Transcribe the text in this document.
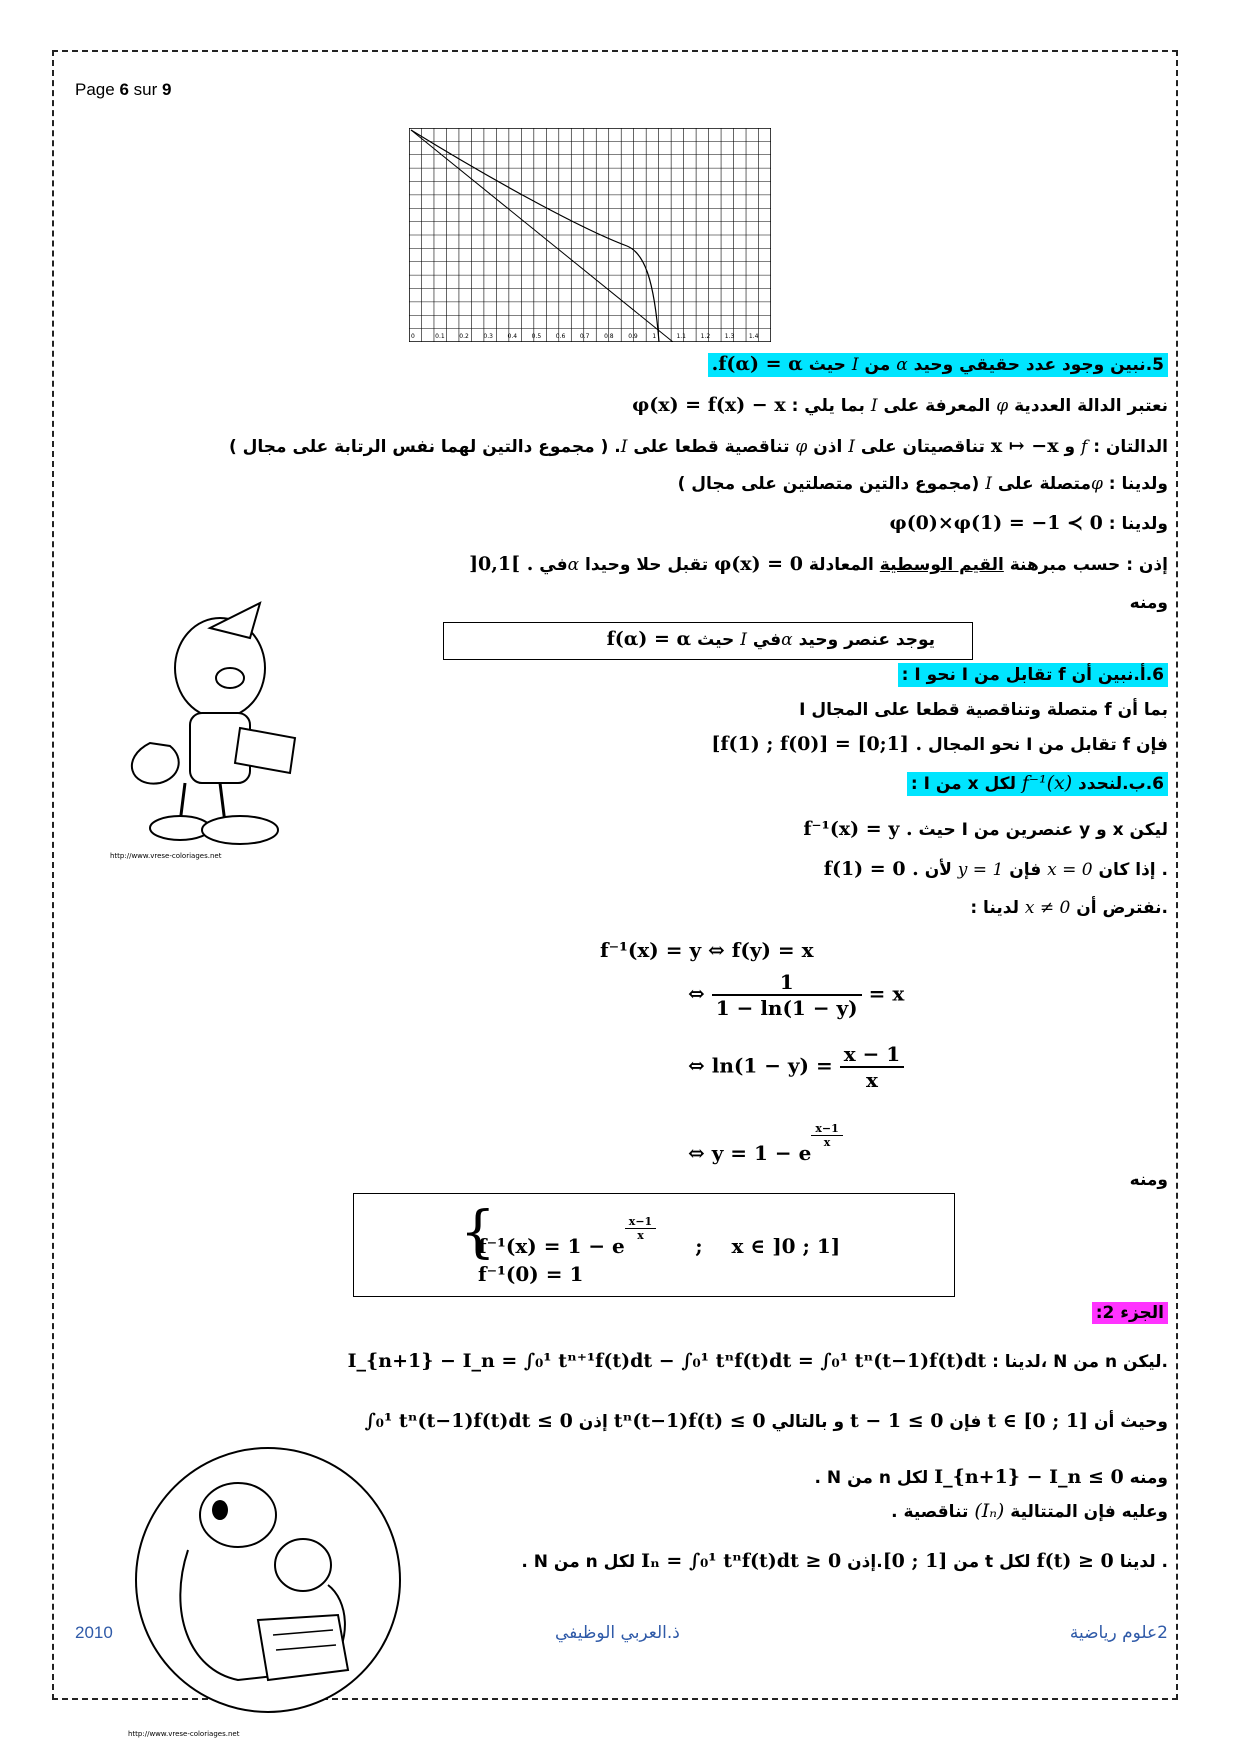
Page 6 sur 9
0	0.1 0.2 0.3 0.4 0.5 0.6 0.7 0.8 0.9 1	1.1 1.2 1.3 1.4
5.نبين وجود عدد حقيقي وحيد α من I حيث .f(α) = α
نعتبر الدالة العددية φ المعرفة على I بما يلي : φ(x) = f(x) − x
الدالتان : f و x ↦ −x تناقصيتان على I اذن φ تناقصية قطعا على I. ( مجموع دالتين لهما نفس الرتابة على مجال )
ولدينا : φمتصلة على I (مجموع دالتين متصلتين على مجال )
ولدينا : φ(0)×φ(1) = −1 ≺ 0
إذن : حسب مبرهنة القيم الوسطية المعادلة φ(x) = 0 تقبل حلا وحيدا αفي ]0,1[ .
ومنه
يوجد عنصر وحيد αفي I حيث f(α) = α
6.أ.نبين أن f تقابل من I نحو I :
بما أن f متصلة وتناقصية قطعا على المجال I
فإن f تقابل من I نحو المجال [f(1) ; f(0)] = [0;1] .
6.ب.لنحدد f⁻¹(x) لكل x من I :
ليكن x و y عنصرين من I حيث f⁻¹(x) = y .
. إذا كان x = 0 فإن y = 1 لأن f(1) = 0 .
.نفترض أن x ≠ 0 لدينا :
f⁻¹(x) = y ⇔ f(y) = x
⇔ $\frac{1}{1 - \ln(1 - y)} = x$
⇔ $\ln(1 - y) = \frac{x - 1}{x}$
⇔ y = 1 − e
$\frac{x-1}{x}$
ومنه
{
f⁻¹(x) = 1 − e
$\frac{x-1}{x}$
; x ∈ ]0 ; 1]
f⁻¹(0) = 1
الجزء 2:
.ليكن n من N ،لدينا : I_{n+1} − I_n = ∫₀¹ tⁿ⁺¹f(t)dt − ∫₀¹ tⁿf(t)dt = ∫₀¹ tⁿ(t−1)f(t)dt
وحيث أن t ∈ [0 ; 1] فإن t − 1 ≤ 0 و بالتالي tⁿ(t−1)f(t) ≤ 0 إذن ∫₀¹ tⁿ(t−1)f(t)dt ≤ 0
ومنه I_{n+1} − I_n ≤ 0 لكل n من N .
وعليه فإن المتتالية (Iₙ) تناقصية .
. لدينا f(t) ≥ 0 لكل t من [0 ; 1].إذن Iₙ = ∫₀¹ tⁿf(t)dt ≥ 0 لكل n من N .
http://www.vrese-coloriages.net
http://www.vrese-coloriages.net
2010	ذ.العربي الوظيفي	2علوم رياضية
